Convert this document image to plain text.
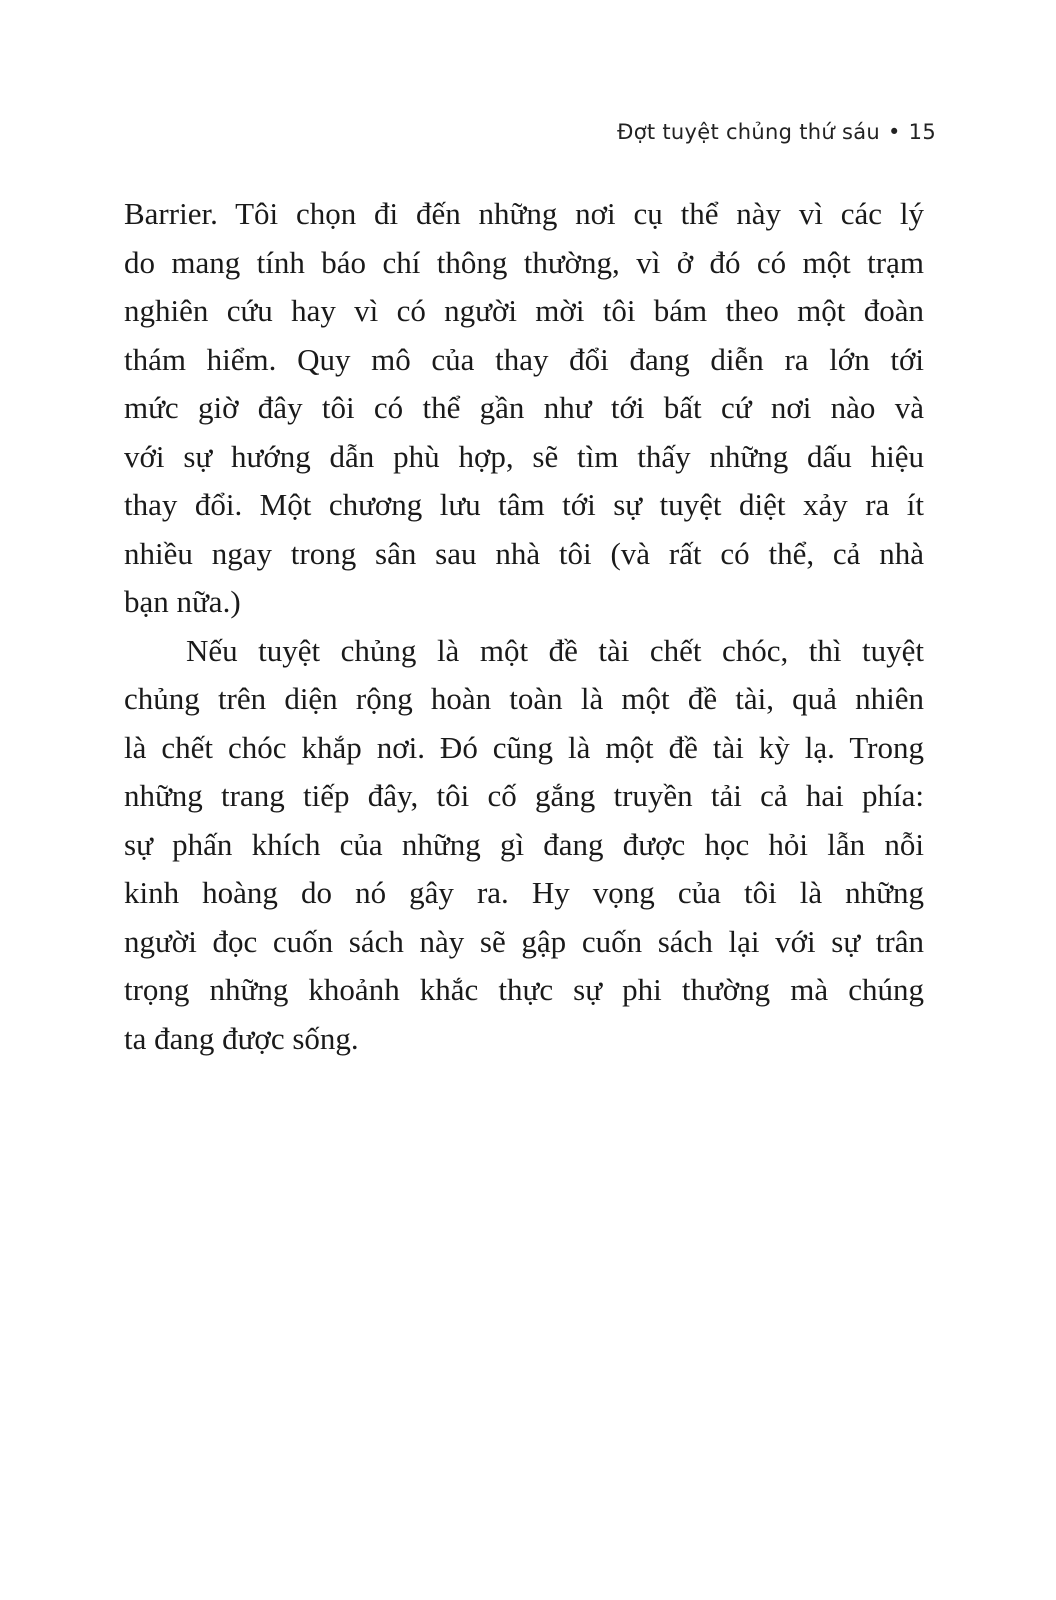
Đợt tuyệt chủng thứ sáu • 15

Barrier. Tôi chọn đi đến những nơi cụ thể này vì các lý
do mang tính báo chí thông thường, vì ở đó có một trạm
nghiên cứu hay vì có người mời tôi bám theo một đoàn
thám hiểm. Quy mô của thay đổi đang diễn ra lớn tới
mức giờ đây tôi có thể gần như tới bất cứ nơi nào và
với sự hướng dẫn phù hợp, sẽ tìm thấy những dấu hiệu
thay đổi. Một chương lưu tâm tới sự tuyệt diệt xảy ra ít
nhiều ngay trong sân sau nhà tôi (và rất có thể, cả nhà
bạn nữa.)

Nếu tuyệt chủng là một đề tài chết chóc, thì tuyệt
chủng trên diện rộng hoàn toàn là một đề tài, quả nhiên
là chết chóc khắp nơi. Đó cũng là một đề tài kỳ lạ. Trong
những trang tiếp đây, tôi cố gắng truyền tải cả hai phía:
sự phấn khích của những gì đang được học hỏi lẫn nỗi
kinh hoàng do nó gây ra. Hy vọng của tôi là những
người đọc cuốn sách này sẽ gập cuốn sách lại với sự trân
trọng những khoảnh khắc thực sự phi thường mà chúng
ta đang được sống.
